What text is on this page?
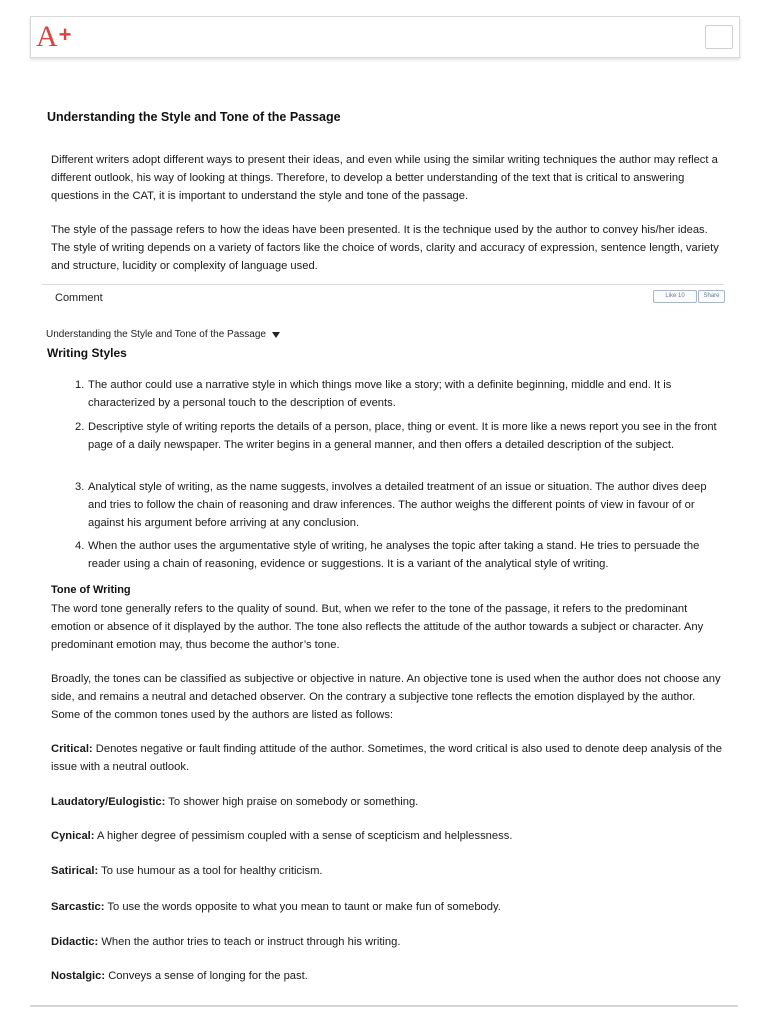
A+
Understanding the Style and Tone of the Passage

Different writers adopt different ways to present their ideas, and even while using the similar writing techniques the author may reflect a different outlook, his way of looking at things. Therefore, to develop a better understanding of the text that is critical to answering questions in the CAT, it is important to understand the style and tone of the passage.

The style of the passage refers to how the ideas have been presented. It is the technique used by the author to convey his/her ideas. The style of writing depends on a variety of factors like the choice of words, clarity and accuracy of expression, sentence length, variety and structure, lucidity or complexity of language used.

Comment	Like 10	Share
Understanding the Style and Tone of the Passage
Writing Styles
1. The author could use a narrative style in which things move like a story; with a definite beginning, middle and end. It is characterized by a personal touch to the description of events.
2. Descriptive style of writing reports the details of a person, place, thing or event. It is more like a news report you see in the front page of a daily newspaper. The writer begins in a general manner, and then offers a detailed description of the subject.
3. Analytical style of writing, as the name suggests, involves a detailed treatment of an issue or situation. The author dives deep and tries to follow the chain of reasoning and draw inferences. The author weighs the different points of view in favour of or against his argument before arriving at any conclusion.
4. When the author uses the argumentative style of writing, he analyses the topic after taking a stand. He tries to persuade the reader using a chain of reasoning, evidence or suggestions. It is a variant of the analytical style of writing.
Tone of Writing

The word tone generally refers to the quality of sound. But, when we refer to the tone of the passage, it refers to the predominant emotion or absence of it displayed by the author. The tone also reflects the attitude of the author towards a subject or character. Any predominant emotion may, thus become the author’s tone.

Broadly, the tones can be classified as subjective or objective in nature. An objective tone is used when the author does not choose any side, and remains a neutral and detached observer. On the contrary a subjective tone reflects the emotion displayed by the author. Some of the common tones used by the authors are listed as follows:

Critical: Denotes negative or fault finding attitude of the author. Sometimes, the word critical is also used to denote deep analysis of the issue with a neutral outlook.
Laudatory/Eulogistic: To shower high praise on somebody or something.
Cynical: A higher degree of pessimism coupled with a sense of scepticism and helplessness.
Satirical: To use humour as a tool for healthy criticism.
Sarcastic: To use the words opposite to what you mean to taunt or make fun of somebody.
Didactic: When the author tries to teach or instruct through his writing.
Nostalgic: Conveys a sense of longing for the past.
